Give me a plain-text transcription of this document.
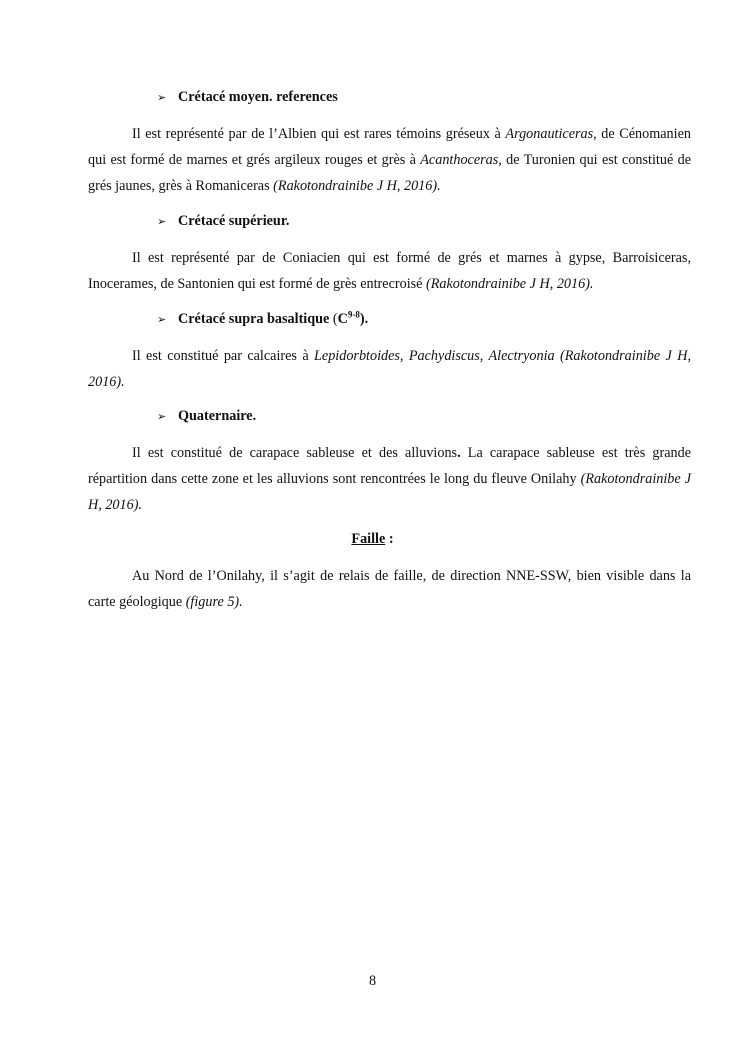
➢ Crétacé moyen. references
Il est représenté par de l’Albien qui est rares témoins gréseux à Argonauticeras, de Cénomanien qui est formé de marnes et grés argileux rouges et grès à Acanthoceras, de Turonien qui est constitué de grés jaunes, grès à Romaniceras (Rakotondrainibe J H, 2016).
➢ Crétacé supérieur.
Il est représenté par de Coniacien qui est formé de grés et marnes à gypse, Barroisiceras, Inocerames, de Santonien qui est formé de grès entrecroisé (Rakotondrainibe J H, 2016).
➢ Crétacé supra basaltique $(C^{9-8})$.
Il est constitué par calcaires à Lepidorbtoides, Pachydiscus, Alectryonia (Rakotondrainibe J H, 2016).
➢ Quaternaire.
Il est constitué de carapace sableuse et des alluvions. La carapace sableuse est très grande répartition dans cette zone et les alluvions sont rencontrées le long du fleuve Onilahy (Rakotondrainibe J H, 2016).
Faille :
Au Nord de l’Onilahy, il s’agit de relais de faille, de direction NNE-SSW, bien visible dans la carte géologique (figure 5).
8
